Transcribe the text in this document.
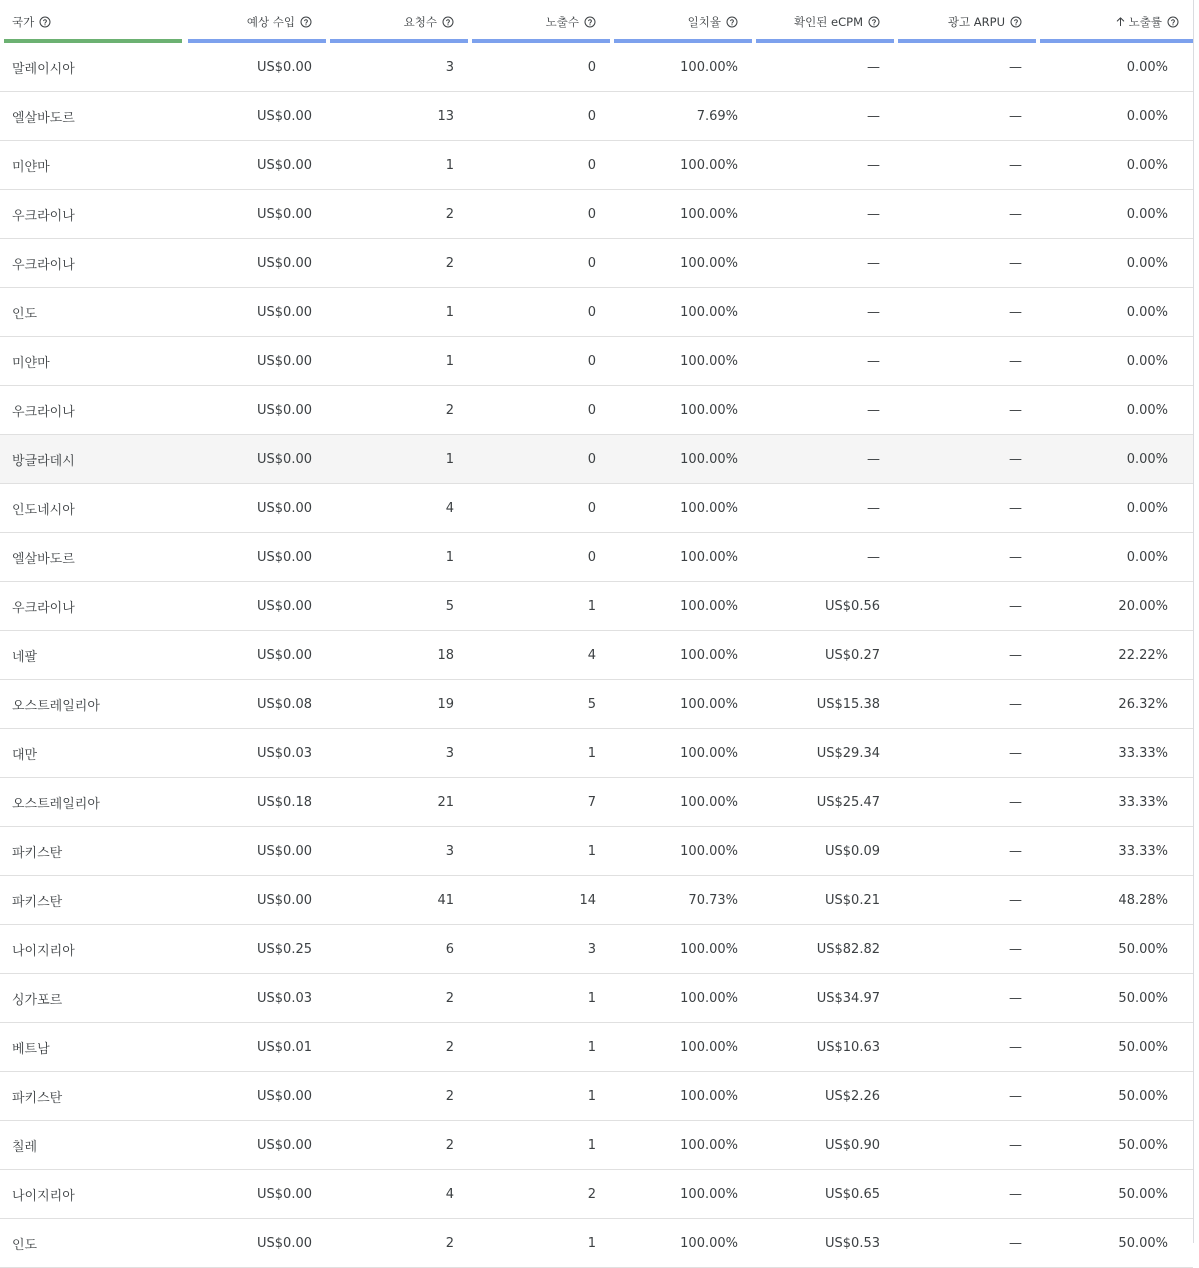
국가	예상 수입	요청수	노출수	일치율	확인된 eCPM	광고 ARPU	노출률

말레이시아	US$0.00	3	0	100.00%	—	—	0.00%
엘살바도르	US$0.00	13	0	7.69%	—	—	0.00%
미얀마	US$0.00	1	0	100.00%	—	—	0.00%
우크라이나	US$0.00	2	0	100.00%	—	—	0.00%
우크라이나	US$0.00	2	0	100.00%	—	—	0.00%
인도	US$0.00	1	0	100.00%	—	—	0.00%
미얀마	US$0.00	1	0	100.00%	—	—	0.00%
우크라이나	US$0.00	2	0	100.00%	—	—	0.00%
방글라데시	US$0.00	1	0	100.00%	—	—	0.00%
인도네시아	US$0.00	4	0	100.00%	—	—	0.00%
엘살바도르	US$0.00	1	0	100.00%	—	—	0.00%
우크라이나	US$0.00	5	1	100.00%	US$0.56	—	20.00%
네팔	US$0.00	18	4	100.00%	US$0.27	—	22.22%
오스트레일리아	US$0.08	19	5	100.00%	US$15.38	—	26.32%
대만	US$0.03	3	1	100.00%	US$29.34	—	33.33%
오스트레일리아	US$0.18	21	7	100.00%	US$25.47	—	33.33%
파키스탄	US$0.00	3	1	100.00%	US$0.09	—	33.33%
파키스탄	US$0.00	41	14	70.73%	US$0.21	—	48.28%
나이지리아	US$0.25	6	3	100.00%	US$82.82	—	50.00%
싱가포르	US$0.03	2	1	100.00%	US$34.97	—	50.00%
베트남	US$0.01	2	1	100.00%	US$10.63	—	50.00%
파키스탄	US$0.00	2	1	100.00%	US$2.26	—	50.00%
칠레	US$0.00	2	1	100.00%	US$0.90	—	50.00%
나이지리아	US$0.00	4	2	100.00%	US$0.65	—	50.00%
인도	US$0.00	2	1	100.00%	US$0.53	—	50.00%
